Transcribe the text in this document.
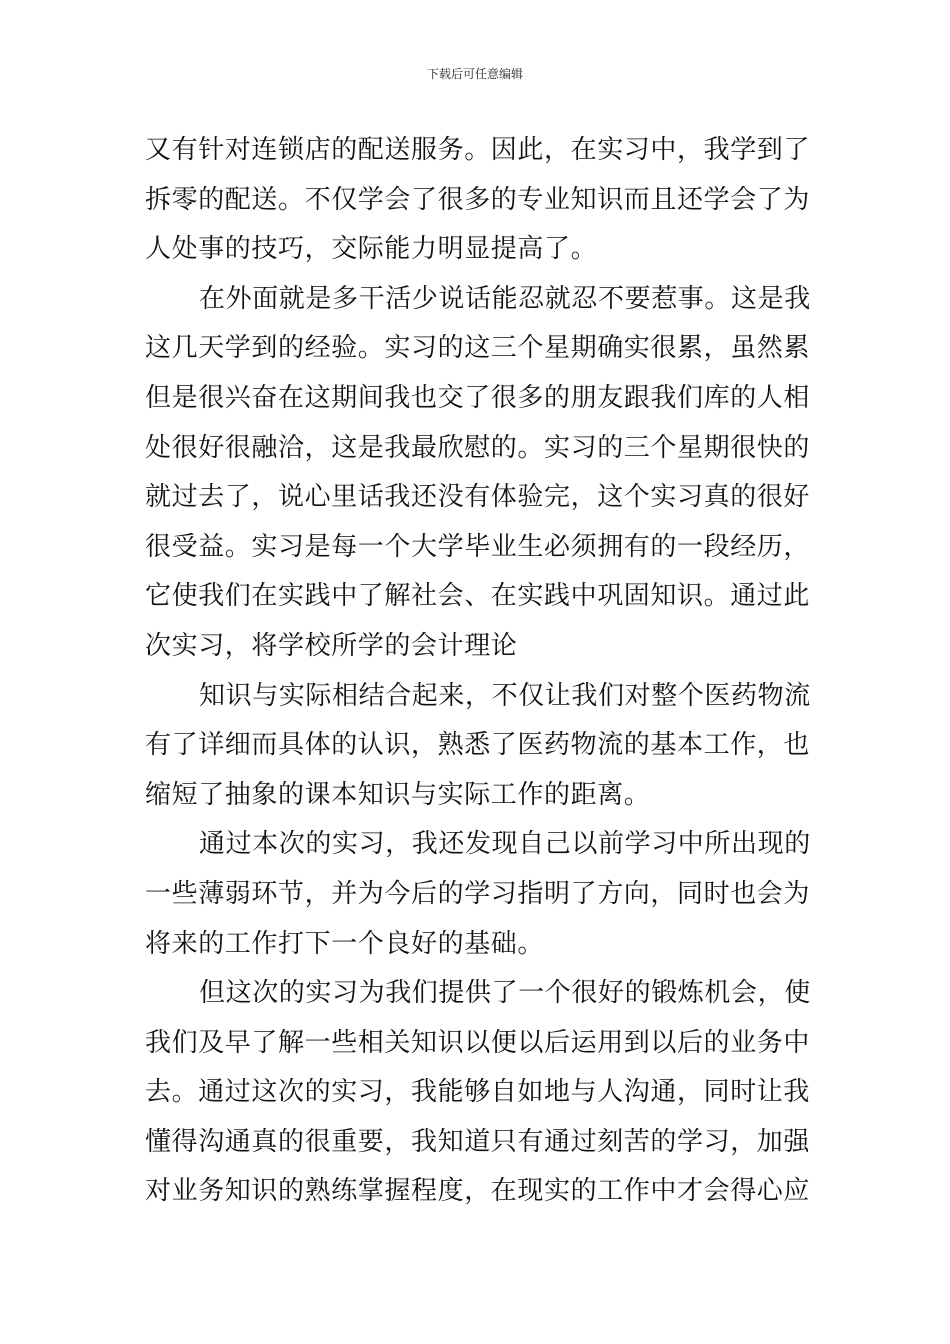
下载后可任意编辑
又有针对连锁店的配送服务。因此，在实习中，我学到了
拆零的配送。不仅学会了很多的专业知识而且还学会了为
人处事的技巧，交际能力明显提高了。
在外面就是多干活少说话能忍就忍不要惹事。这是我
这几天学到的经验。实习的这三个星期确实很累，虽然累
但是很兴奋在这期间我也交了很多的朋友跟我们库的人相
处很好很融洽，这是我最欣慰的。实习的三个星期很快的
就过去了，说心里话我还没有体验完，这个实习真的很好
很受益。实习是每一个大学毕业生必须拥有的一段经历，
它使我们在实践中了解社会、在实践中巩固知识。通过此
次实习，将学校所学的会计理论
知识与实际相结合起来，不仅让我们对整个医药物流
有了详细而具体的认识，熟悉了医药物流的基本工作，也
缩短了抽象的课本知识与实际工作的距离。
通过本次的实习，我还发现自己以前学习中所出现的
一些薄弱环节，并为今后的学习指明了方向，同时也会为
将来的工作打下一个良好的基础。
但这次的实习为我们提供了一个很好的锻炼机会，使
我们及早了解一些相关知识以便以后运用到以后的业务中
去。通过这次的实习，我能够自如地与人沟通，同时让我
懂得沟通真的很重要，我知道只有通过刻苦的学习，加强
对业务知识的熟练掌握程度，在现实的工作中才会得心应
